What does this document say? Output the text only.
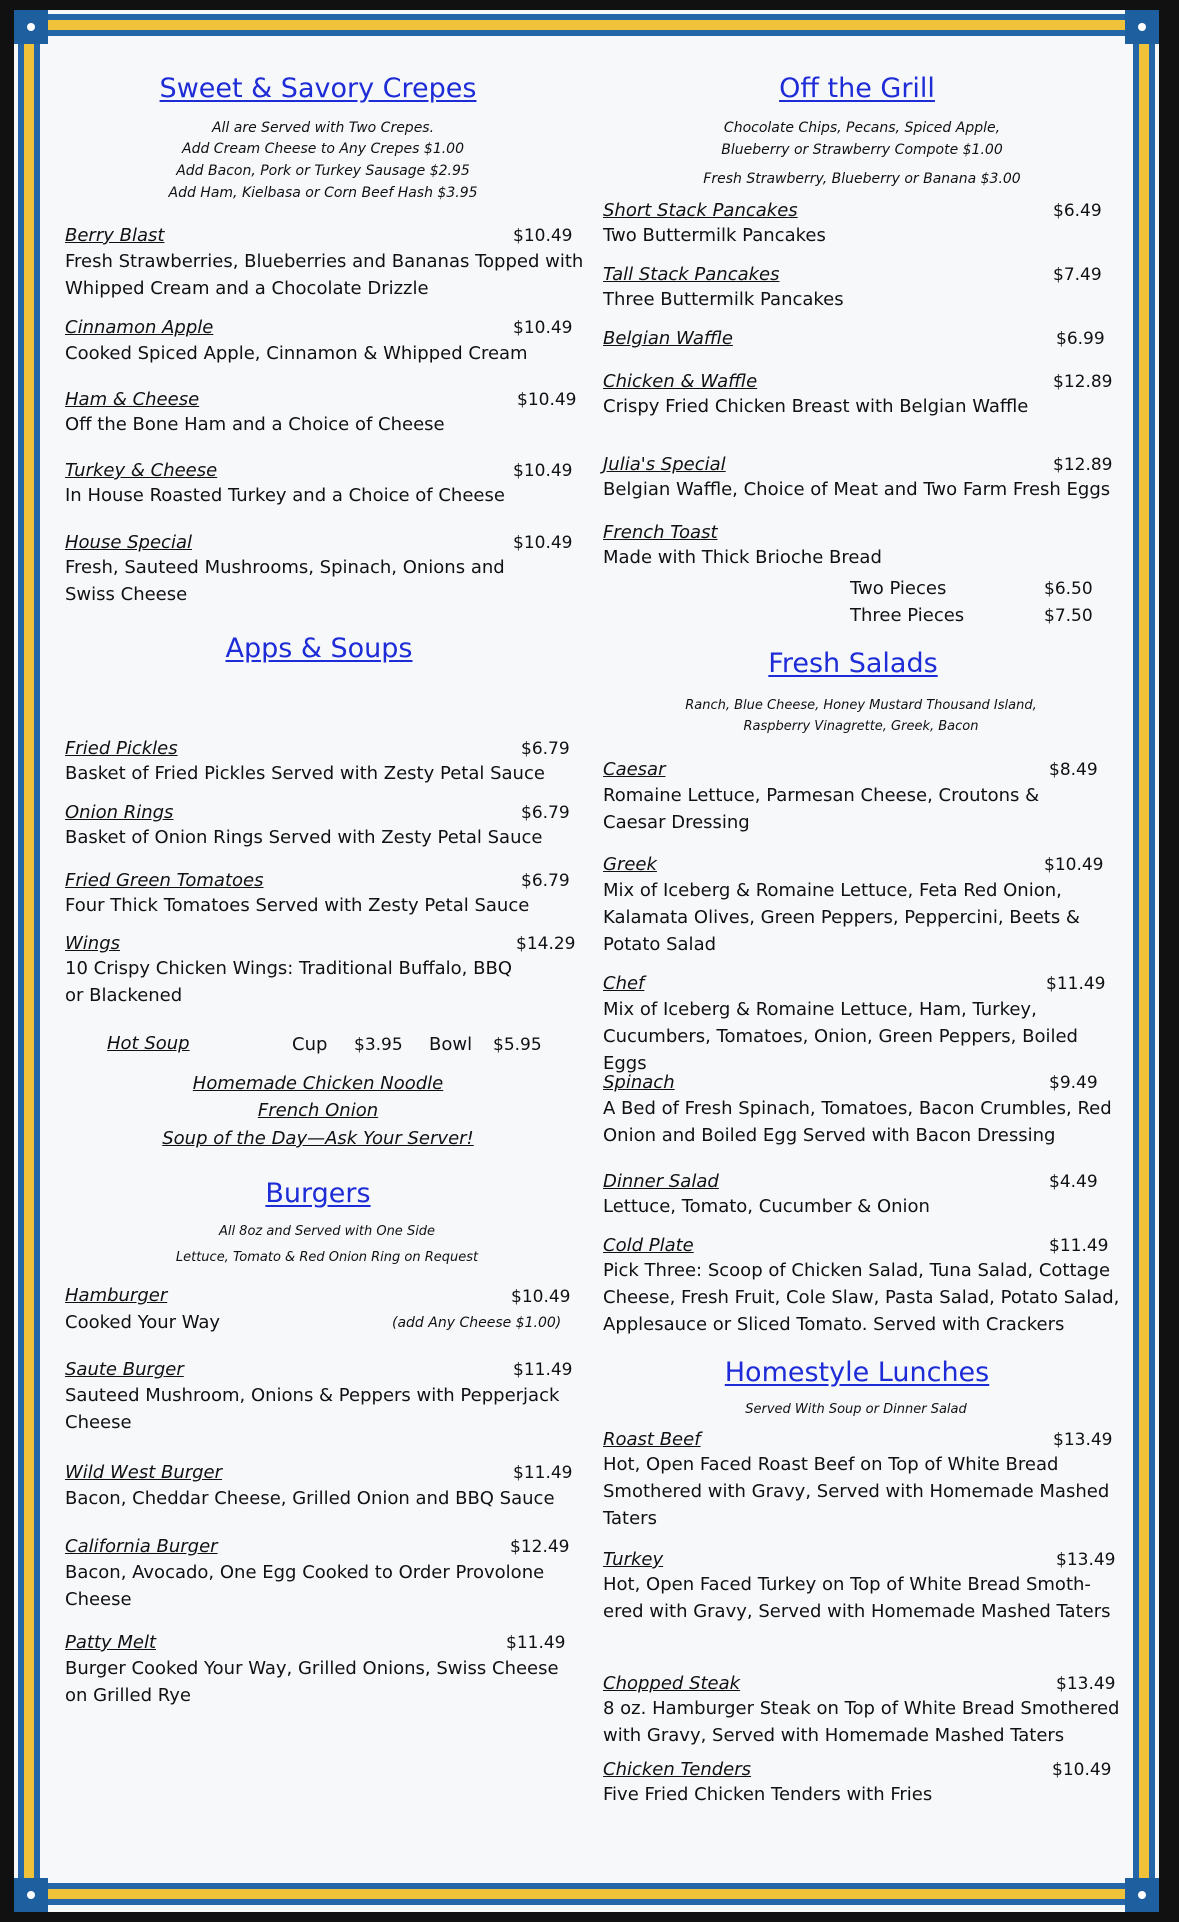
Sweet & Savory Crepes
All are Served with Two Crepes.
Add Cream Cheese to Any Crepes $1.00
Add Bacon, Pork or Turkey Sausage $2.95
Add Ham, Kielbasa or Corn Beef Hash $3.95
Berry Blast	$10.49
Fresh Strawberries, Blueberries and Bananas Topped with Whipped Cream and a Chocolate Drizzle
Cinnamon Apple	$10.49
Cooked Spiced Apple, Cinnamon & Whipped Cream
Ham & Cheese	$10.49
Off the Bone Ham and a Choice of Cheese
Turkey & Cheese	$10.49
In House Roasted Turkey and a Choice of Cheese
House Special	$10.49
Fresh, Sauteed Mushrooms, Spinach, Onions and Swiss Cheese
Apps & Soups
Fried Pickles	$6.79
Basket of Fried Pickles Served with Zesty Petal Sauce
Onion Rings	$6.79
Basket of Onion Rings Served with Zesty Petal Sauce
Fried Green Tomatoes	$6.79
Four Thick Tomatoes Served with Zesty Petal Sauce
Wings	$14.29
10 Crispy Chicken Wings: Traditional Buffalo, BBQ or Blackened
Hot Soup	Cup $3.95 Bowl $5.95
Homemade Chicken Noodle
French Onion
Soup of the Day—Ask Your Server!
Burgers
All 8oz and Served with One Side
Lettuce, Tomato & Red Onion Ring on Request
Hamburger	$10.49
Cooked Your Way	(add Any Cheese $1.00)
Saute Burger	$11.49
Sauteed Mushroom, Onions & Peppers with Pepperjack Cheese
Wild West Burger	$11.49
Bacon, Cheddar Cheese, Grilled Onion and BBQ Sauce
California Burger	$12.49
Bacon, Avocado, One Egg Cooked to Order Provolone Cheese
Patty Melt	$11.49
Burger Cooked Your Way, Grilled Onions, Swiss Cheese on Grilled Rye
Off the Grill
Chocolate Chips, Pecans, Spiced Apple,
Blueberry or Strawberry Compote $1.00
Fresh Strawberry, Blueberry or Banana $3.00
Short Stack Pancakes	$6.49
Two Buttermilk Pancakes
Tall Stack Pancakes	$7.49
Three Buttermilk Pancakes
Belgian Waffle	$6.99
Chicken & Waffle	$12.89
Crispy Fried Chicken Breast with Belgian Waffle
Julia's Special	$12.89
Belgian Waffle, Choice of Meat and Two Farm Fresh Eggs
French Toast
Made with Thick Brioche Bread
Two Pieces	$6.50
Three Pieces	$7.50
Fresh Salads
Ranch, Blue Cheese, Honey Mustard Thousand Island,
Raspberry Vinagrette, Greek, Bacon
Caesar	$8.49
Romaine Lettuce, Parmesan Cheese, Croutons & Caesar Dressing
Greek	$10.49
Mix of Iceberg & Romaine Lettuce, Feta Red Onion, Kalamata Olives, Green Peppers, Peppercini, Beets & Potato Salad
Chef	$11.49
Mix of Iceberg & Romaine Lettuce, Ham, Turkey, Cucumbers, Tomatoes, Onion, Green Peppers, Boiled Eggs
Spinach	$9.49
A Bed of Fresh Spinach, Tomatoes, Bacon Crumbles, Red Onion and Boiled Egg Served with Bacon Dressing
Dinner Salad	$4.49
Lettuce, Tomato, Cucumber & Onion
Cold Plate	$11.49
Pick Three: Scoop of Chicken Salad, Tuna Salad, Cottage Cheese, Fresh Fruit, Cole Slaw, Pasta Salad, Potato Salad, Applesauce or Sliced Tomato. Served with Crackers
Homestyle Lunches
Served With Soup or Dinner Salad
Roast Beef	$13.49
Hot, Open Faced Roast Beef on Top of White Bread Smothered with Gravy, Served with Homemade Mashed Taters
Turkey	$13.49
Hot, Open Faced Turkey on Top of White Bread Smoth-ered with Gravy, Served with Homemade Mashed Taters
Chopped Steak	$13.49
8 oz. Hamburger Steak on Top of White Bread Smothered with Gravy, Served with Homemade Mashed Taters
Chicken Tenders	$10.49
Five Fried Chicken Tenders with Fries
